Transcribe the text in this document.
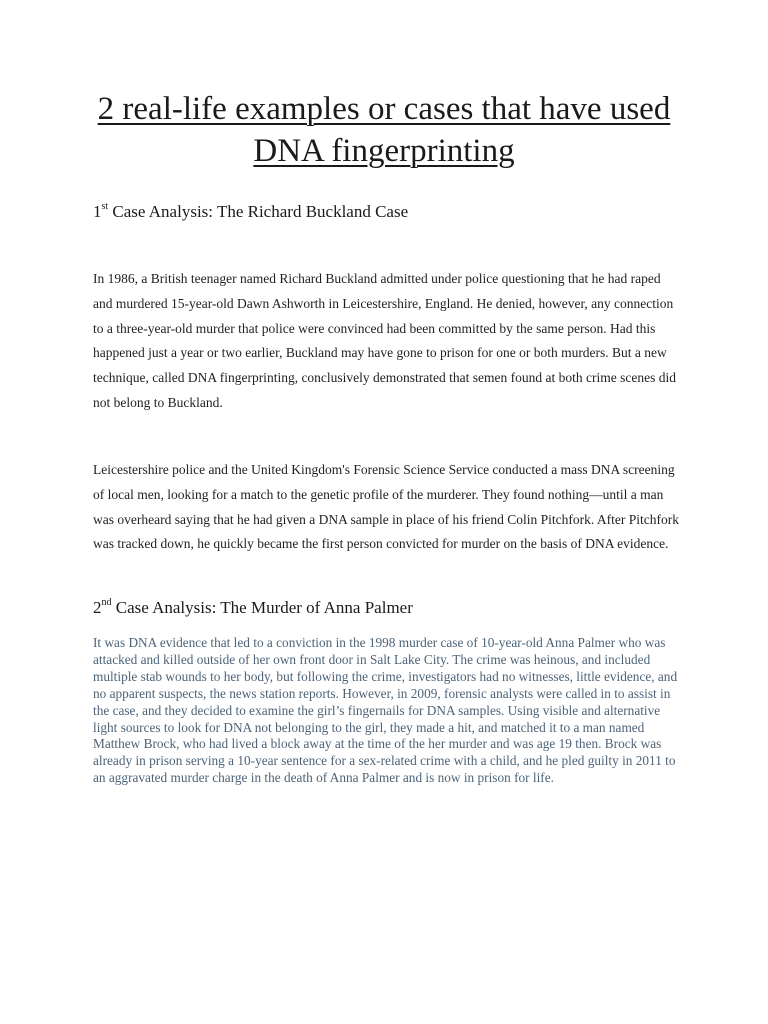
2 real-life examples or cases that have used DNA fingerprinting
1st Case Analysis: The Richard Buckland Case

In 1986, a British teenager named Richard Buckland admitted under police questioning that he had raped and murdered 15-year-old Dawn Ashworth in Leicestershire, England. He denied, however, any connection to a three-year-old murder that police were convinced had been committed by the same person. Had this happened just a year or two earlier, Buckland may have gone to prison for one or both murders. But a new technique, called DNA fingerprinting, conclusively demonstrated that semen found at both crime scenes did not belong to Buckland.

Leicestershire police and the United Kingdom's Forensic Science Service conducted a mass DNA screening of local men, looking for a match to the genetic profile of the murderer. They found nothing—until a man was overheard saying that he had given a DNA sample in place of his friend Colin Pitchfork. After Pitchfork was tracked down, he quickly became the first person convicted for murder on the basis of DNA evidence.

2nd Case Analysis: The Murder of Anna Palmer

It was DNA evidence that led to a conviction in the 1998 murder case of 10-year-old Anna Palmer who was attacked and killed outside of her own front door in Salt Lake City. The crime was heinous, and included multiple stab wounds to her body, but following the crime, investigators had no witnesses, little evidence, and no apparent suspects, the news station reports. However, in 2009, forensic analysts were called in to assist in the case, and they decided to examine the girl’s fingernails for DNA samples. Using visible and alternative light sources to look for DNA not belonging to the girl, they made a hit, and matched it to a man named Matthew Brock, who had lived a block away at the time of the her murder and was age 19 then. Brock was already in prison serving a 10-year sentence for a sex-related crime with a child, and he pled guilty in 2011 to an aggravated murder charge in the death of Anna Palmer and is now in prison for life.
